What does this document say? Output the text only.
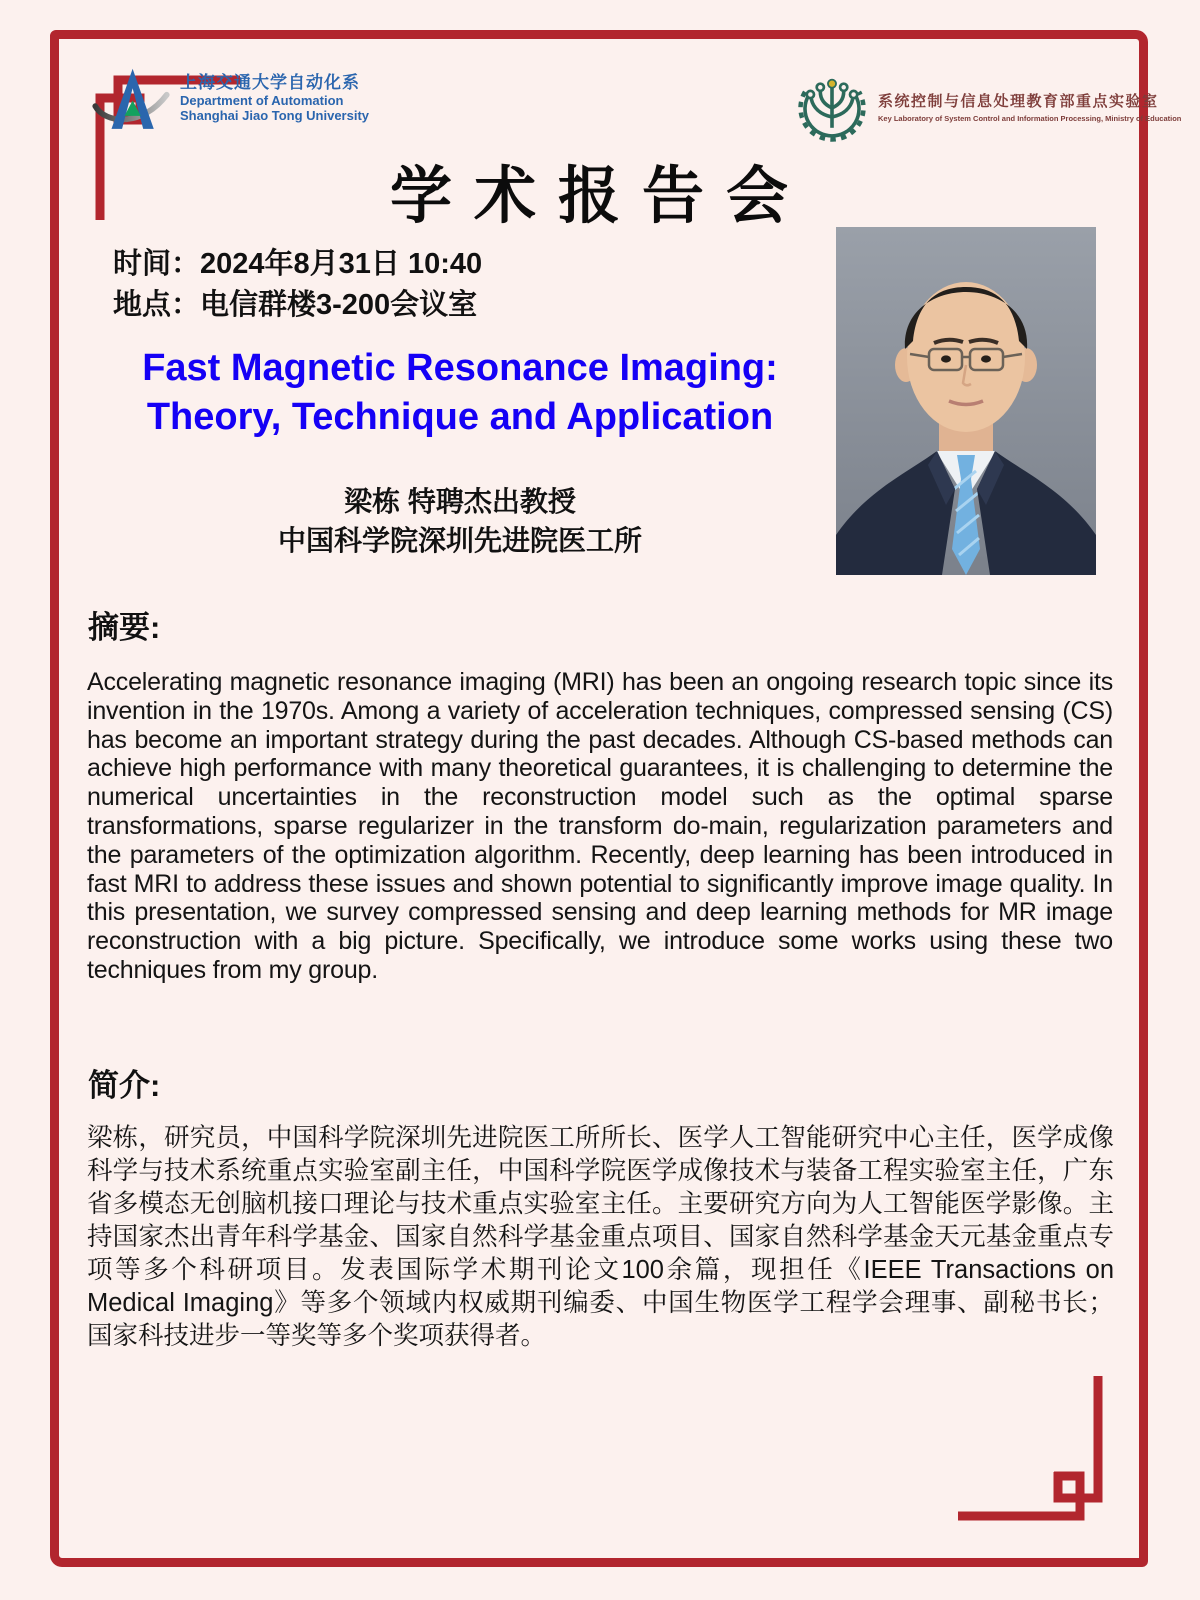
上海交通大学自动化系
Department of Automation
Shanghai Jiao Tong University
系统控制与信息处理教育部重点实验室
Key Laboratory of System Control and Information Processing, Ministry of Education
学术报告会
时间：2024年8月31日 10:40
地点：电信群楼3-200会议室
Fast Magnetic Resonance Imaging:
Theory, Technique and Application
梁栋 特聘杰出教授
中国科学院深圳先进院医工所
摘要:
Accelerating magnetic resonance imaging (MRI) has been an ongoing research topic since its invention in the 1970s. Among a variety of acceleration techniques, compressed sensing (CS) has become an important strategy during the past decades. Although CS-based methods can achieve high performance with many theoretical guarantees, it is challenging to determine the numerical uncertainties in the reconstruction model such as the optimal sparse transformations, sparse regularizer in the transform do-main, regularization parameters and the parameters of the optimization algorithm. Recently, deep learning has been introduced in fast MRI to address these issues and shown potential to significantly improve image quality. In this presentation, we survey compressed sensing and deep learning methods for MR image reconstruction with a big picture. Specifically, we introduce some works using these two techniques from my group.
简介:
梁栋，研究员，中国科学院深圳先进院医工所所长、医学人工智能研究中心主任，医学成像科学与技术系统重点实验室副主任，中国科学院医学成像技术与装备工程实验室主任，广东省多模态无创脑机接口理论与技术重点实验室主任。主要研究方向为人工智能医学影像。主持国家杰出青年科学基金、国家自然科学基金重点项目、国家自然科学基金天元基金重点专项等多个科研项目。发表国际学术期刊论文100余篇，现担任《IEEE Transactions on Medical Imaging》等多个领域内权威期刊编委、中国生物医学工程学会理事、副秘书长；国家科技进步一等奖等多个奖项获得者。
